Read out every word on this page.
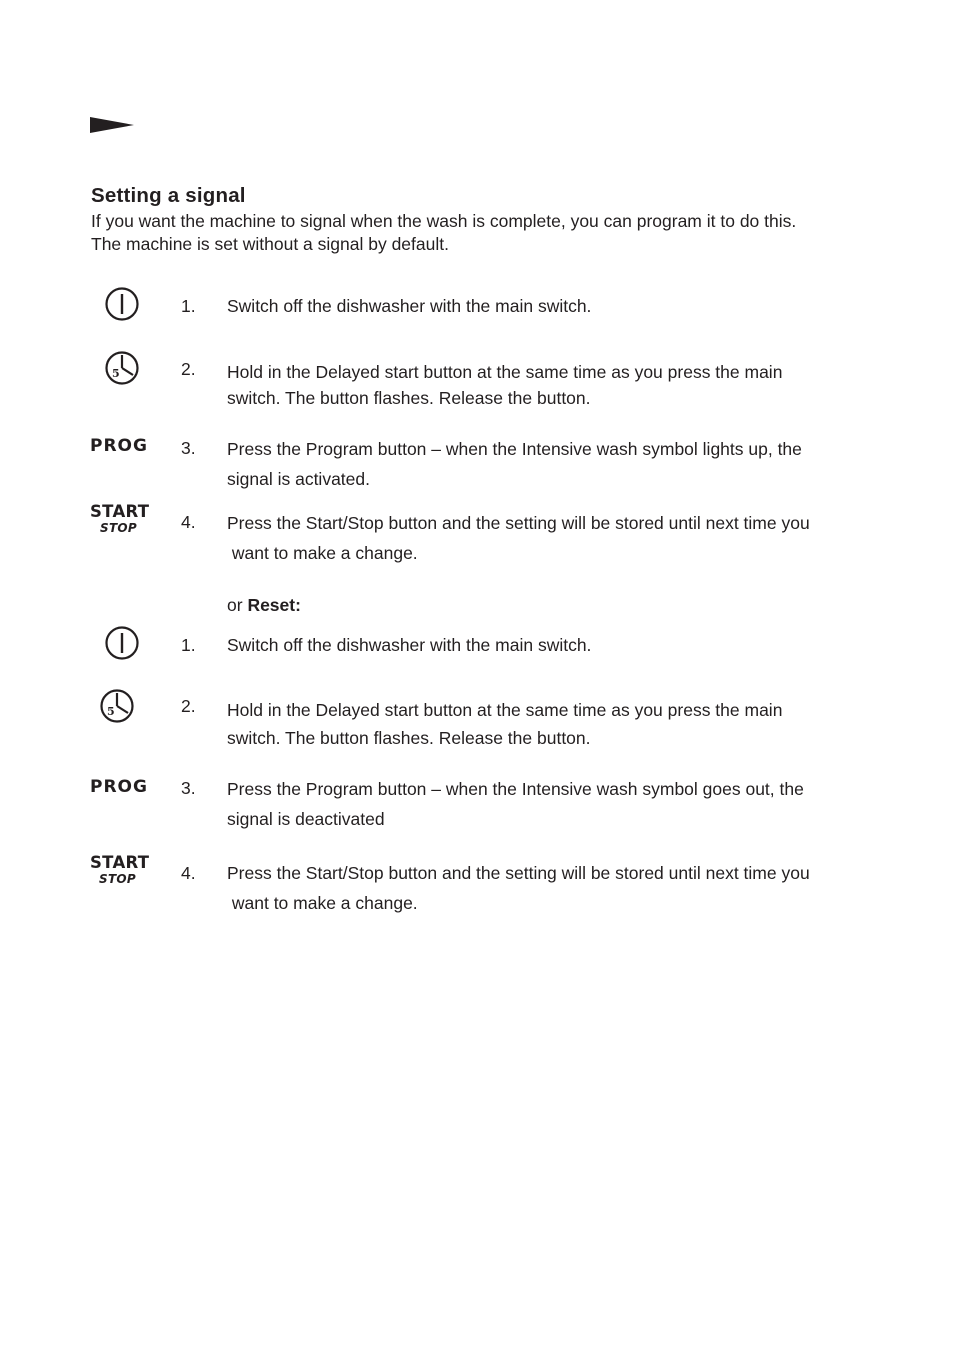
Setting a signal

If you want the machine to signal when the wash is complete, you can program it to do this.

The machine is set without a signal by default.

1. Switch off the dishwasher with the main switch.
5	2. Hold in the Delayed start button at the same time as you press the main
switch. The button flashes. Release the button.
PROG 3. Press the Program button – when the Intensive wash symbol lights up, the
signal is activated.
START
STOP	4. Press the Start/Stop button and the setting will be stored until next time you
want to make a change.
or Reset:
1. Switch off the dishwasher with the main switch.
5	2. Hold in the Delayed start button at the same time as you press the main
switch. The button flashes. Release the button.
PROG 3. Press the Program button – when the Intensive wash symbol goes out, the
signal is deactivated
START
STOP	4. Press the Start/Stop button and the setting will be stored until next time you
want to make a change.
